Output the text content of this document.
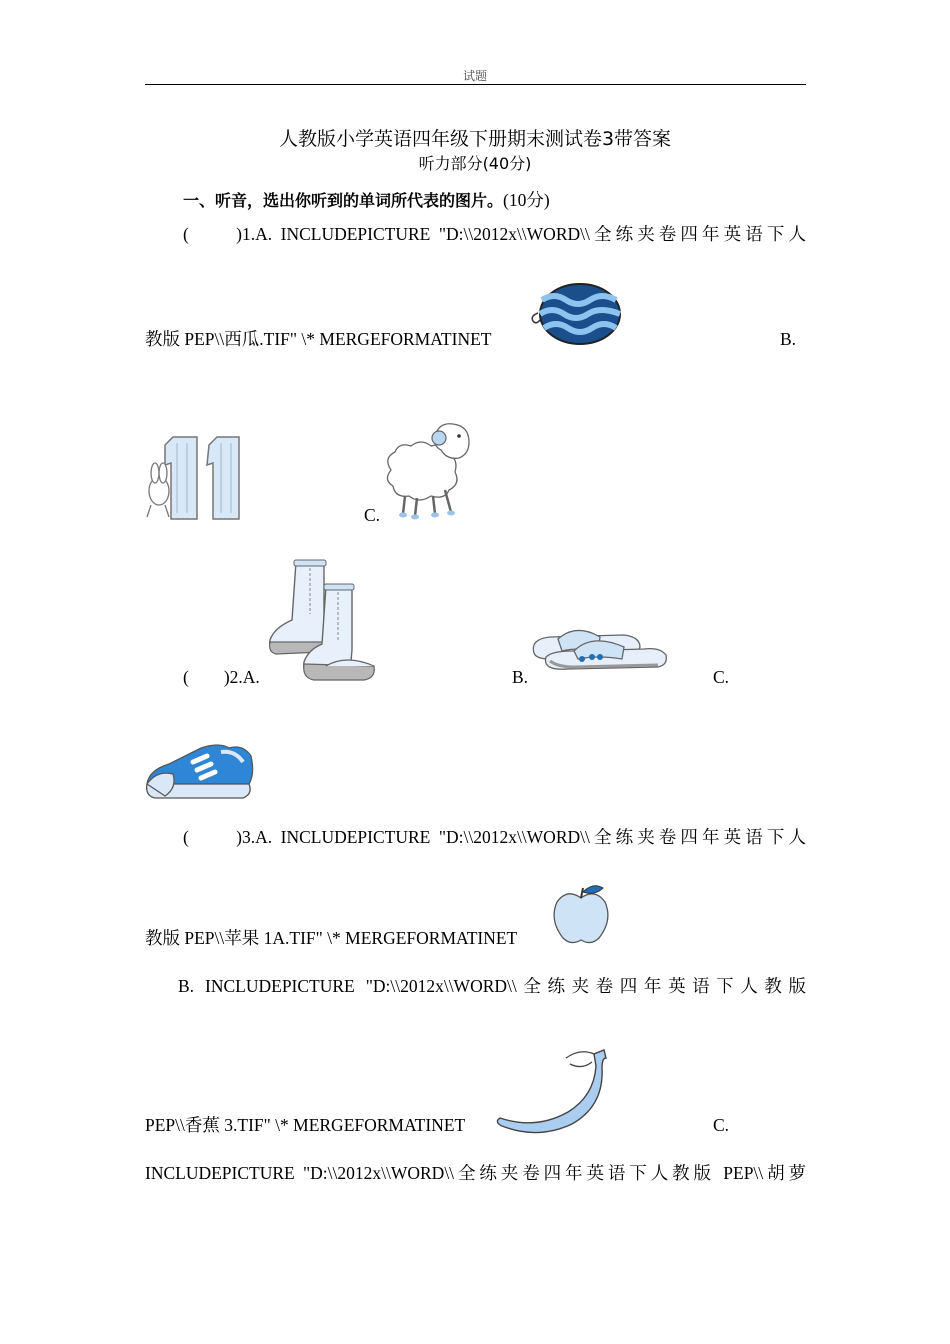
试题
人教版小学英语四年级下册期末测试卷3带答案
听力部分(40分)
一、听音，选出你听到的单词所代表的图片。(10分)
(　　)1.A. INCLUDEPICTURE "D:\\2012x\\WORD\\全练夹卷四年英语下人
教版 PEP\\西瓜.TIF" \* MERGEFORMATINET	B.
C.
(　　)2.A.	B.	C.
(　　)3.A. INCLUDEPICTURE "D:\\2012x\\WORD\\全练夹卷四年英语下人
教版 PEP\\苹果 1A.TIF" \* MERGEFORMATINET
B. INCLUDEPICTURE "D:\\2012x\\WORD\\全练夹卷四年英语下人教版
PEP\\香蕉 3.TIF" \* MERGEFORMATINET	C.
INCLUDEPICTURE "D:\\2012x\\WORD\\全练夹卷四年英语下人教版 PEP\\胡萝
